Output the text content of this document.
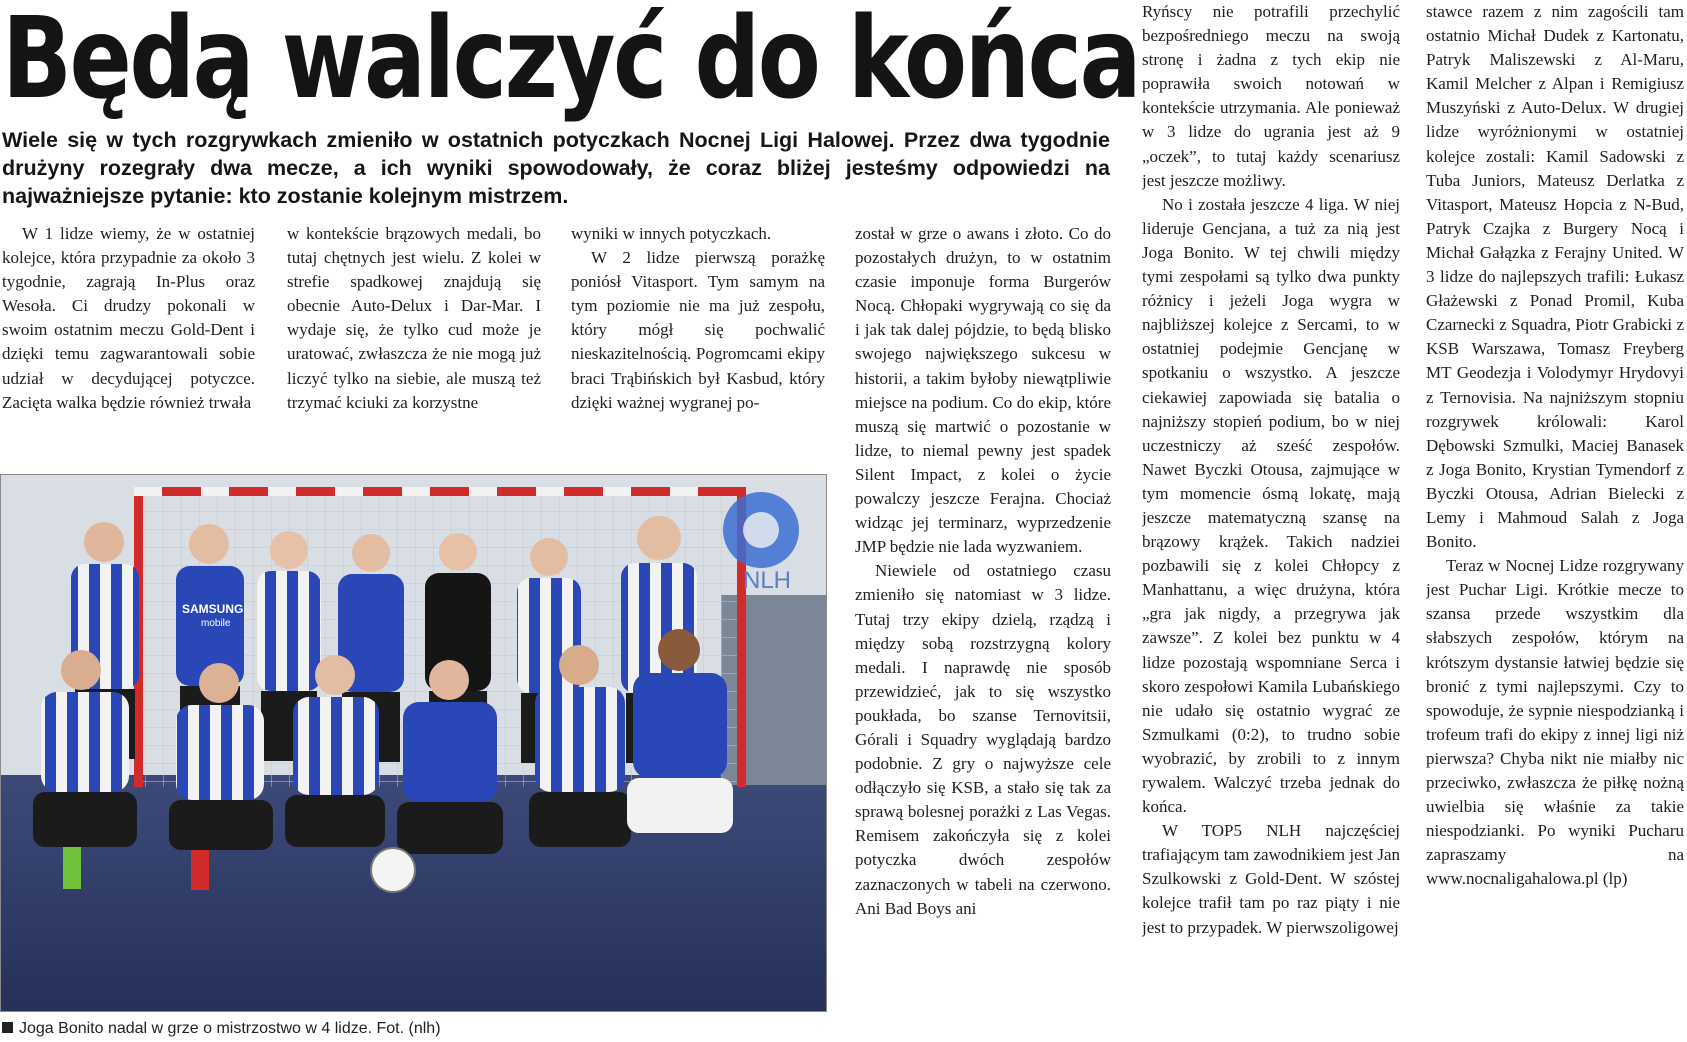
Będą walczyć do końca

Wiele się w tych rozgrywkach zmieniło w ostatnich potyczkach Nocnej Ligi Halowej. Przez dwa tygodnie drużyny rozegrały dwa mecze, a ich wyniki spowodowały, że coraz bliżej jesteśmy odpowiedzi na najważniejsze pytanie: kto zostanie kolejnym mistrzem.

W 1 lidze wiemy, że w ostatniej kolejce, która przypadnie za około 3 tygodnie, zagrają In-Plus oraz Wesoła. Ci drudzy pokonali w swoim ostatnim meczu Gold-Dent i dzięki temu zagwarantowali sobie udział w decydującej potyczce. Zacięta walka będzie również trwała

w kontekście brązowych medali, bo tutaj chętnych jest wielu. Z kolei w strefie spadkowej znajdują się obecnie Auto-Delux i Dar-Mar. I wydaje się, że tylko cud może je uratować, zwłaszcza że nie mogą już liczyć tylko na siebie, ale muszą też trzymać kciuki za korzystne

wyniki w innych potyczkach.

W 2 lidze pierwszą porażkę poniósł Vitasport. Tym samym na tym poziomie nie ma już zespołu, który mógł się pochwalić nieskazitelnością. Pogromcami ekipy braci Trąbińskich był Kasbud, który dzięki ważnej wygranej po-

został w grze o awans i złoto. Co do pozostałych drużyn, to w ostatnim czasie imponuje forma Burgerów Nocą. Chłopaki wygrywają co się da i jak tak dalej pójdzie, to będą blisko swojego największego sukcesu w historii, a takim byłoby niewątpliwie miejsce na podium. Co do ekip, które muszą się martwić o pozostanie w lidze, to niemal pewny jest spadek Silent Impact, z kolei o życie powalczy jeszcze Ferajna. Chociaż widząc jej terminarz, wyprzedzenie JMP będzie nie lada wyzwaniem.

Niewiele od ostatniego czasu zmieniło się natomiast w 3 lidze. Tutaj trzy ekipy dzielą, rządzą i między sobą rozstrzygną kolory medali. I naprawdę nie sposób przewidzieć, jak to się wszystko poukłada, bo szanse Ternovitsii, Górali i Squadry wyglądają bardzo podobnie. Z gry o najwyższe cele odłączyło się KSB, a stało się tak za sprawą bolesnej porażki z Las Vegas. Remisem zakończyła się z kolei potyczka dwóch zespołów zaznaczonych w tabeli na czerwono. Ani Bad Boys ani

Ryńscy nie potrafili przechylić bezpośredniego meczu na swoją stronę i żadna z tych ekip nie poprawiła swoich notowań w kontekście utrzymania. Ale ponieważ w 3 lidze do ugrania jest aż 9 „oczek”, to tutaj każdy scenariusz jest jeszcze możliwy.

No i została jeszcze 4 liga. W niej lideruje Gencjana, a tuż za nią jest Joga Bonito. W tej chwili między tymi zespołami są tylko dwa punkty różnicy i jeżeli Joga wygra w najbliższej kolejce z Sercami, to w ostatniej podejmie Gencjanę w spotkaniu o wszystko. A jeszcze ciekawiej zapowiada się batalia o najniższy stopień podium, bo w niej uczestniczy aż sześć zespołów. Nawet Byczki Otousa, zajmujące w tym momencie ósmą lokatę, mają jeszcze matematyczną szansę na brązowy krążek. Takich nadziei pozbawili się z kolei Chłopcy z Manhattanu, a więc drużyna, która „gra jak nigdy, a przegrywa jak zawsze”. Z kolei bez punktu w 4 lidze pozostają wspomniane Serca i skoro zespołowi Kamila Lubańskiego nie udało się ostatnio wygrać ze Szmulkami (0:2), to trudno sobie wyobrazić, by zrobili to z innym rywalem. Walczyć trzeba jednak do końca.

W TOP5 NLH najczęściej trafiającym tam zawodnikiem jest Jan Szulkowski z Gold-Dent. W szóstej kolejce trafił tam po raz piąty i nie jest to przypadek. W pierwszoligowej

stawce razem z nim zagościli tam ostatnio Michał Dudek z Kartonatu, Patryk Maliszewski z Al-Maru, Kamil Melcher z Alpan i Remigiusz Muszyński z Auto-Delux. W drugiej lidze wyróżnionymi w ostatniej kolejce zostali: Kamil Sadowski z Tuba Juniors, Mateusz Derlatka z Vitasport, Mateusz Hopcia z N-Bud, Patryk Czajka z Burgery Nocą i Michał Gałązka z Ferajny United. W 3 lidze do najlepszych trafili: Łukasz Głażewski z Ponad Promil, Kuba Czarnecki z Squadra, Piotr Grabicki z KSB Warszawa, Tomasz Freyberg MT Geodezja i Volodymyr Hrydovyi z Ternovisia. Na najniższym stopniu rozgrywek królowali: Karol Dębowski Szmulki, Maciej Banasek z Joga Bonito, Krystian Tymendorf z Byczki Otousa, Adrian Bielecki z Lemy i Mahmoud Salah z Joga Bonito.

Teraz w Nocnej Lidze rozgrywany jest Puchar Ligi. Krótkie mecze to szansa przede wszystkim dla słabszych zespołów, którym na krótszym dystansie łatwiej będzie się bronić z tymi najlepszymi. Czy to spowoduje, że sypnie niespodzianką i trofeum trafi do ekipy z innej ligi niż pierwsza? Chyba nikt nie miałby nic przeciwko, zwłaszcza że piłkę nożną uwielbia się właśnie za takie niespodzianki. Po wyniki Pucharu zapraszamy na www.nocnaligahalowa.pl (lp)

NLH
SAMSUNG
mobile
Joga Bonito nadal w grze o mistrzostwo w 4 lidze. Fot. (nlh)
